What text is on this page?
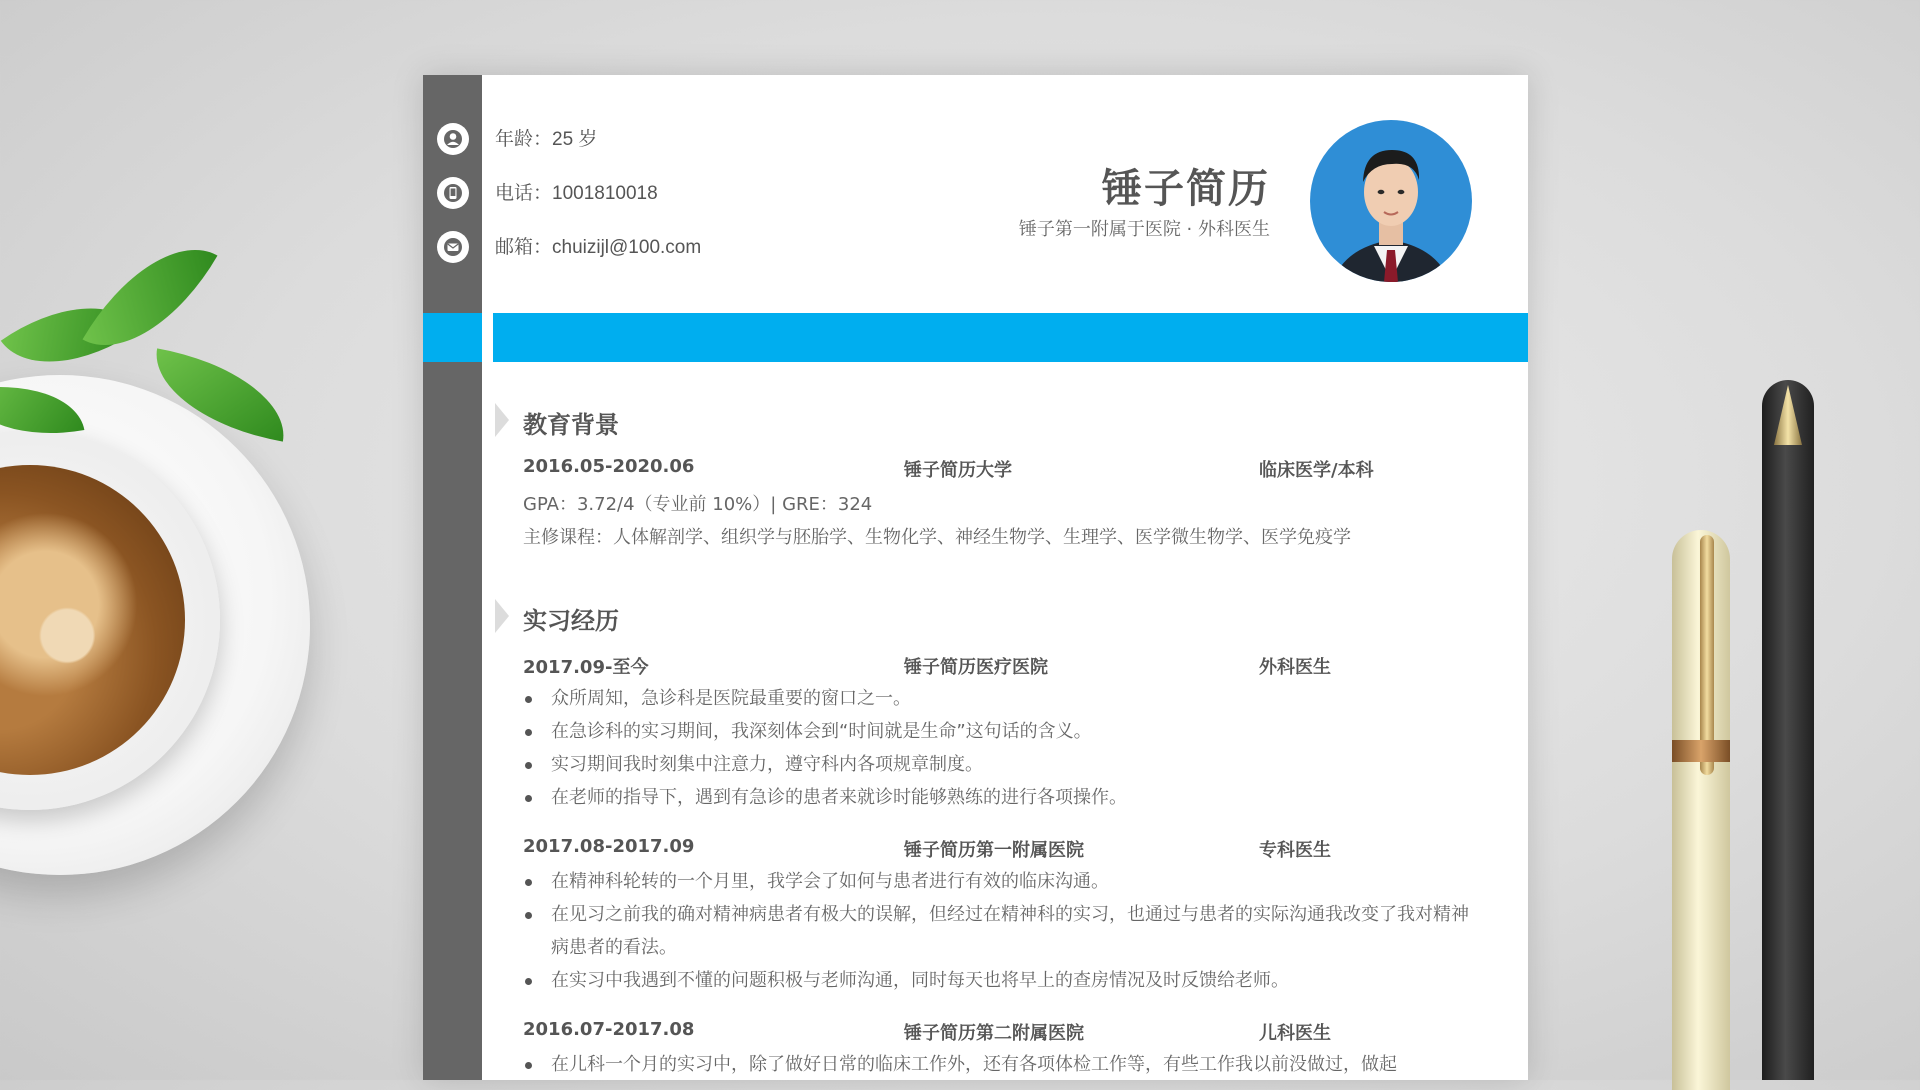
年龄：25 岁
电话：1001810018
邮箱：chuizijl@100.com
锤子简历
锤子第一附属于医院 · 外科医生
教育背景
2016.05-2020.06	锤子简历大学	临床医学/本科
GPA：3.72/4（专业前 10%）| GRE：324
主修课程：人体解剖学、组织学与胚胎学、生物化学、神经生物学、生理学、医学微生物学、医学免疫学
实习经历
2017.09-至今	锤子简历医疗医院	外科医生
众所周知，急诊科是医院最重要的窗口之一。
在急诊科的实习期间，我深刻体会到“时间就是生命”这句话的含义。
实习期间我时刻集中注意力，遵守科内各项规章制度。
在老师的指导下，遇到有急诊的患者来就诊时能够熟练的进行各项操作。
2017.08-2017.09	锤子简历第一附属医院	专科医生
在精神科轮转的一个月里，我学会了如何与患者进行有效的临床沟通。
在见习之前我的确对精神病患者有极大的误解，但经过在精神科的实习，也通过与患者的实际沟通我改变了我对精神病患者的看法。
在实习中我遇到不懂的问题积极与老师沟通，同时每天也将早上的查房情况及时反馈给老师。
2016.07-2017.08	锤子简历第二附属医院	儿科医生
在儿科一个月的实习中，除了做好日常的临床工作外，还有各项体检工作等，有些工作我以前没做过，做起
